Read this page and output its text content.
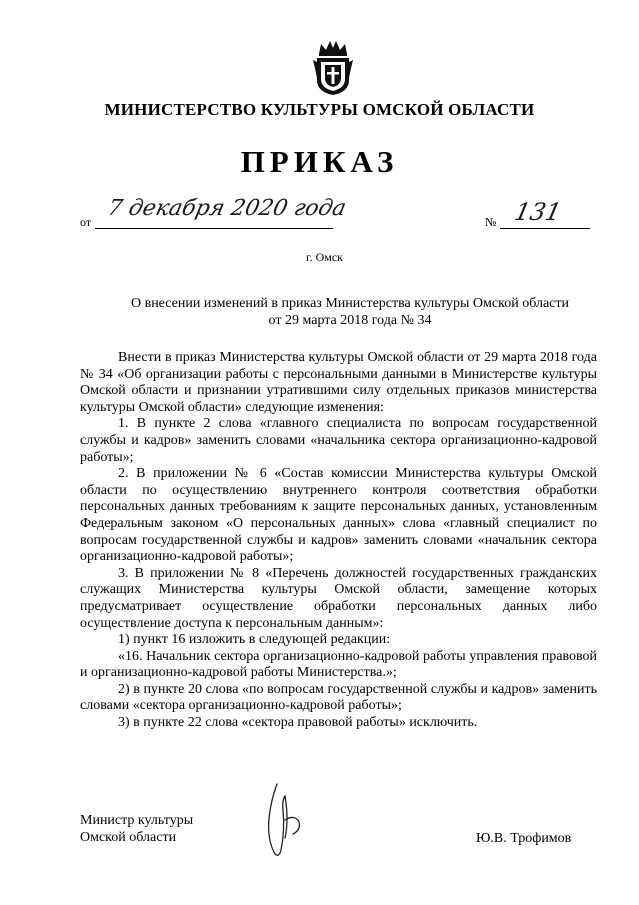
МИНИСТЕРСТВО КУЛЬТУРЫ ОМСКОЙ ОБЛАСТИ
ПРИКАЗ
от
7 декабря 2020 года
№ 131
г. Омск
О внесении изменений в приказ Министерства культуры Омской области
от 29 марта 2018 года № 34

Внести в приказ Министерства культуры Омской области от 29 марта 2018 года № 34 «Об организации работы с персональными данными в Министерстве культуры Омской области и признании утратившими силу отдельных приказов министерства культуры Омской области» следующие изменения:

1. В пункте 2 слова «главного специалиста по вопросам государственной службы и кадров» заменить словами «начальника сектора организационно-кадровой работы»;

2. В приложении № 6 «Состав комиссии Министерства культуры Омской области по осуществлению внутреннего контроля соответствия обработки персональных данных требованиям к защите персональных данных, установленным Федеральным законом «О персональных данных» слова «главный специалист по вопросам государственной службы и кадров» заменить словами «начальник сектора организационно-кадровой работы»;

3. В приложении № 8 «Перечень должностей государственных гражданских служащих Министерства культуры Омской области, замещение которых предусматривает осуществление обработки персональных данных либо осуществление доступа к персональным данным»:

1) пункт 16 изложить в следующей редакции:

«16. Начальник сектора организационно-кадровой работы управления правовой и организационно-кадровой работы Министерства.»;

2) в пункте 20 слова «по вопросам государственной службы и кадров» заменить словами «сектора организационно-кадровой работы»;

3) в пункте 22 слова «сектора правовой работы» исключить.

Министр культуры
Омской области	Ю.В. Трофимов
